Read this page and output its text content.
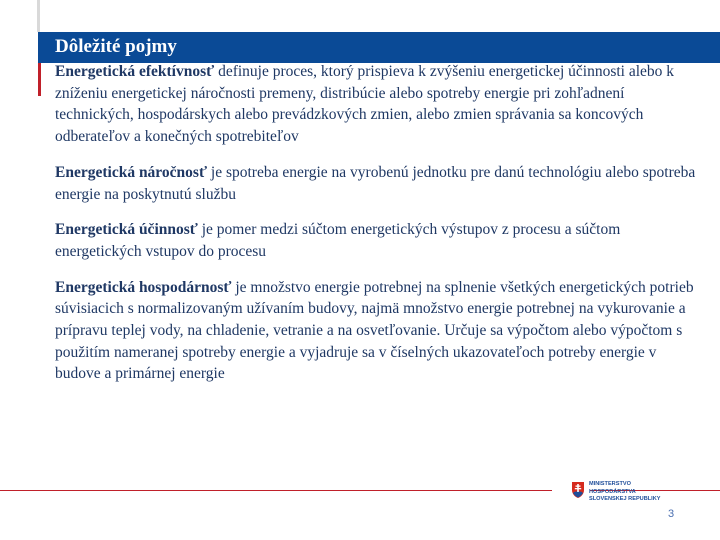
Dôležité pojmy

Energetická efektívnosť definuje proces, ktorý prispieva k zvýšeniu energetickej účinnosti alebo k zníženiu energetickej náročnosti premeny, distribúcie alebo spotreby energie pri zohľadnení technických, hospodárskych alebo prevádzkových zmien, alebo zmien správania sa koncových odberateľov a konečných spotrebiteľov

Energetická náročnosť je spotreba energie na vyrobenú jednotku pre danú technológiu alebo spotreba energie na poskytnutú službu

Energetická účinnosť je pomer medzi súčtom energetických výstupov z procesu a súčtom energetických vstupov do procesu

Energetická hospodárnosť je množstvo energie potrebnej na splnenie všetkých energetických potrieb súvisiacich s normalizovaným užívaním budovy, najmä množstvo energie potrebnej na vykurovanie a prípravu teplej vody, na chladenie, vetranie a na osvetľovanie. Určuje sa výpočtom alebo výpočtom s použitím nameranej spotreby energie a vyjadruje sa v číselných ukazovateľoch potreby energie v budove a primárnej energie

MINISTERSTVO
HOSPODÁRSTVA
SLOVENSKEJ REPUBLIKY
3
